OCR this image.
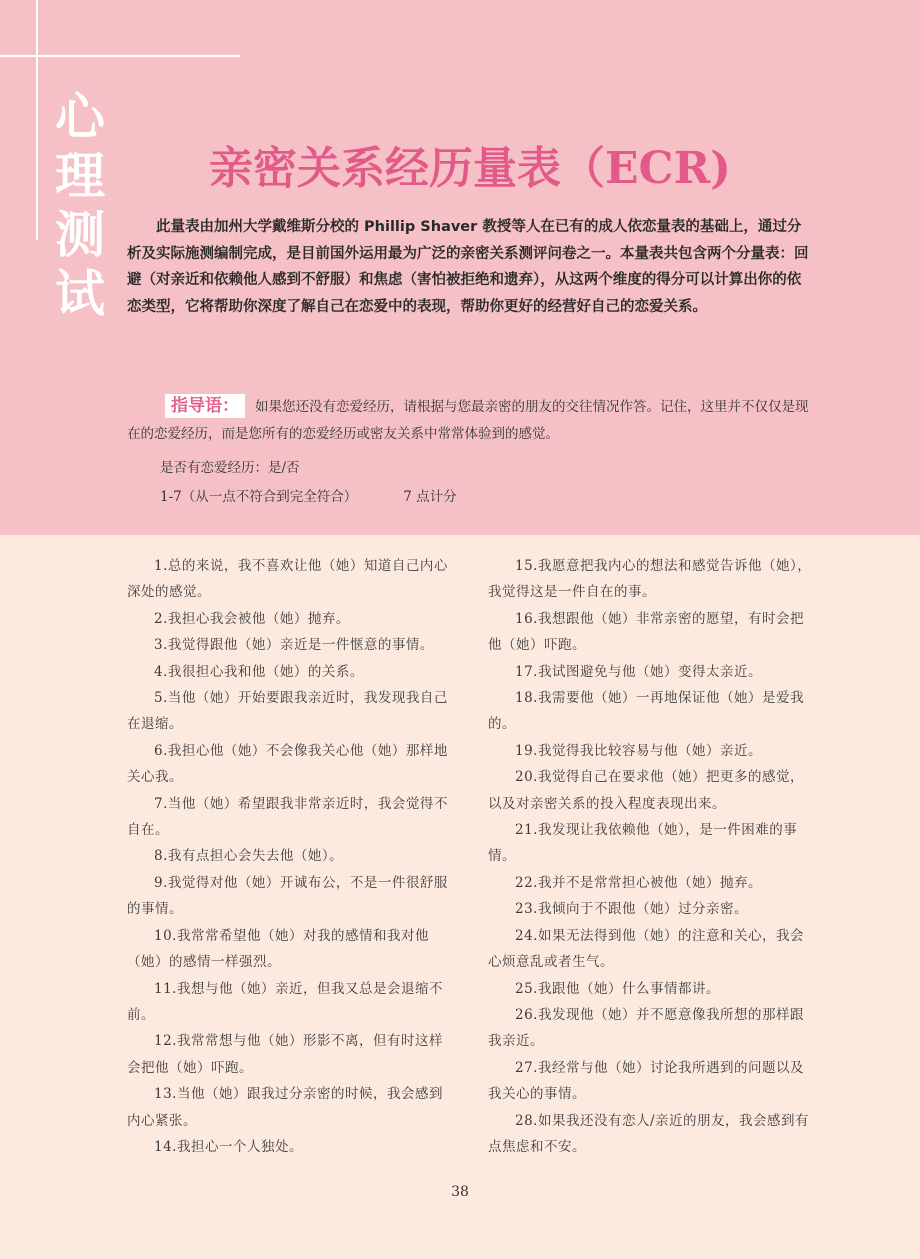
心
理
测
试
亲密关系经历量表（ECR)
此量表由加州大学戴维斯分校的 Phillip Shaver 教授等人在已有的成人依恋量表的基础上，通过分析及实际施测编制完成，是目前国外运用最为广泛的亲密关系测评问卷之一。本量表共包含两个分量表：回避（对亲近和依赖他人感到不舒服）和焦虑（害怕被拒绝和遗弃），从这两个维度的得分可以计算出你的依恋类型，它将帮助你深度了解自己在恋爱中的表现，帮助你更好的经营好自己的恋爱关系。
指导语： 如果您还没有恋爱经历，请根据与您最亲密的朋友的交往情况作答。记住，这里并不仅仅是现在的恋爱经历，而是您所有的恋爱经历或密友关系中常常体验到的感觉。
是否有恋爱经历：是/否
1-7（从一点不符合到完全符合）	7 点计分
1.总的来说，我不喜欢让他（她）知道自己内心深处的感觉。
2.我担心我会被他（她）抛弃。
3.我觉得跟他（她）亲近是一件惬意的事情。
4.我很担心我和他（她）的关系。
5.当他（她）开始要跟我亲近时，我发现我自己在退缩。
6.我担心他（她）不会像我关心他（她）那样地关心我。
7.当他（她）希望跟我非常亲近时，我会觉得不自在。
8.我有点担心会失去他（她）。
9.我觉得对他（她）开诚布公，不是一件很舒服的事情。
10.我常常希望他（她）对我的感情和我对他（她）的感情一样强烈。
11.我想与他（她）亲近，但我又总是会退缩不前。
12.我常常想与他（她）形影不离，但有时这样会把他（她）吓跑。
13.当他（她）跟我过分亲密的时候，我会感到内心紧张。
14.我担心一个人独处。
15.我愿意把我内心的想法和感觉告诉他（她），我觉得这是一件自在的事。
16.我想跟他（她）非常亲密的愿望，有时会把他（她）吓跑。
17.我试图避免与他（她）变得太亲近。
18.我需要他（她）一再地保证他（她）是爱我的。
19.我觉得我比较容易与他（她）亲近。
20.我觉得自己在要求他（她）把更多的感觉，以及对亲密关系的投入程度表现出来。
21.我发现让我依赖他（她），是一件困难的事情。
22.我并不是常常担心被他（她）抛弃。
23.我倾向于不跟他（她）过分亲密。
24.如果无法得到他（她）的注意和关心，我会心烦意乱或者生气。
25.我跟他（她）什么事情都讲。
26.我发现他（她）并不愿意像我所想的那样跟我亲近。
27.我经常与他（她）讨论我所遇到的问题以及我关心的事情。
28.如果我还没有恋人/亲近的朋友，我会感到有点焦虑和不安。
38
